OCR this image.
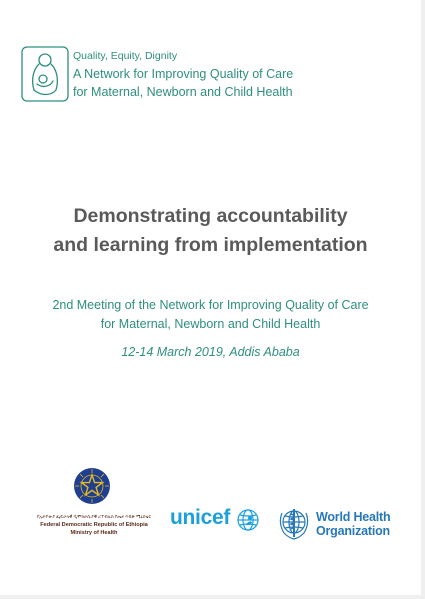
Quality, Equity, Dignity
A Network for Improving Quality of Care
for Maternal, Newborn and Child Health
Demonstrating accountability
and learning from implementation
2nd Meeting of the Network for Improving Quality of Care
for Maternal, Newborn and Child Health
12-14 March 2019, Addis Ababa
የኢትዮጵያ ፌዴራላዊ ዲሞክራሲያዊ ሪፐብሊክ የጤና ጥበቃ ሚኒስቴር
Federal Democratic Republic of Ethiopia
Ministry of Health
unicef	World Health
Organization
